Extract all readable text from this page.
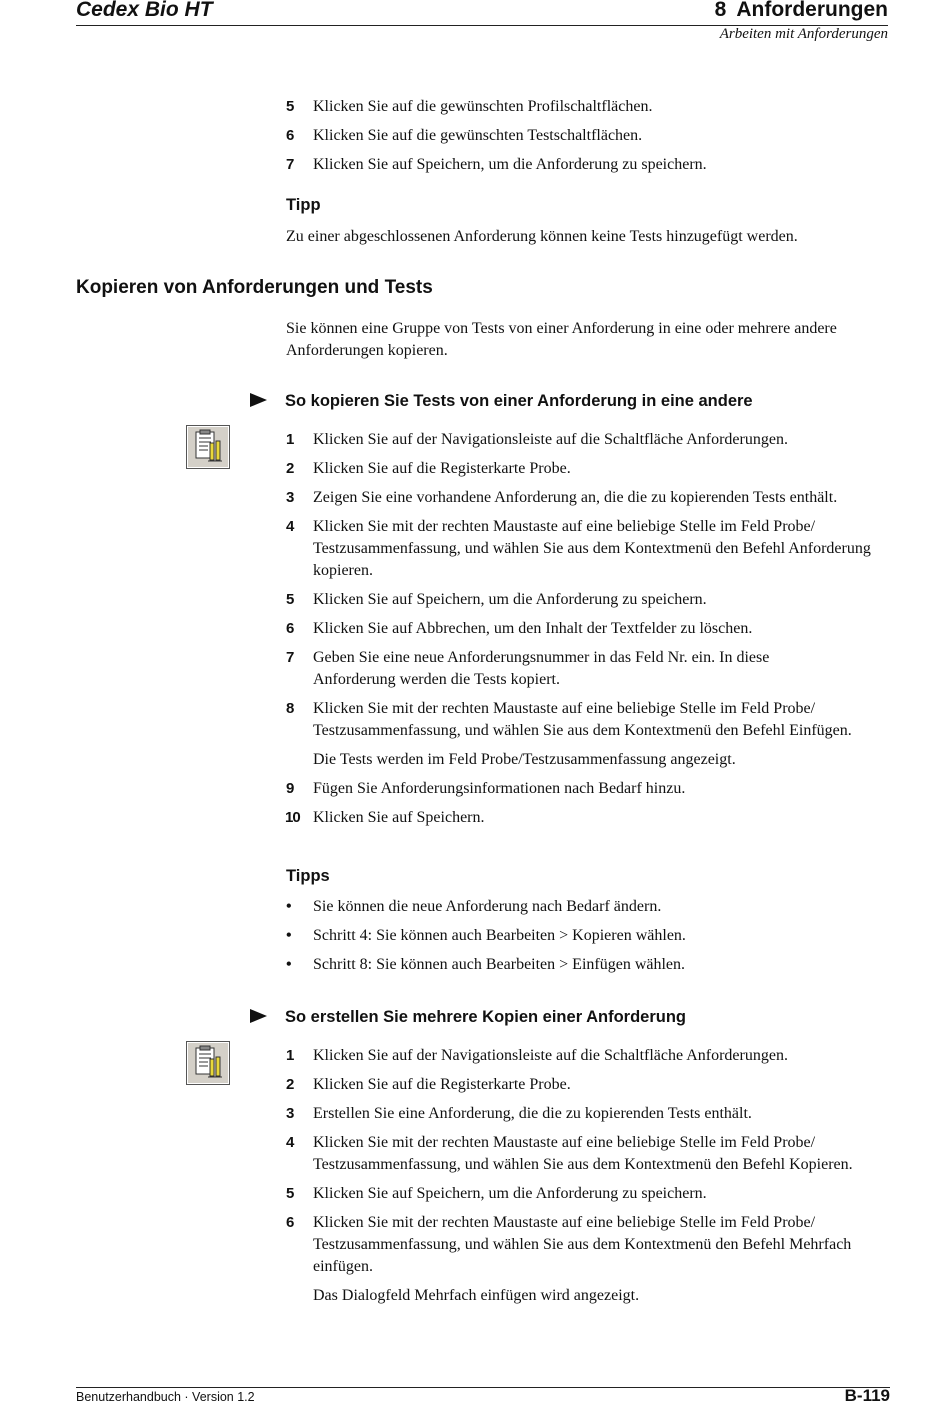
Cedex Bio HT	8 Anforderungen
Arbeiten mit Anforderungen
5 Klicken Sie auf die gewünschten Profilschaltflächen.
6 Klicken Sie auf die gewünschten Testschaltflächen.
7 Klicken Sie auf Speichern, um die Anforderung zu speichern.
Tipp
Zu einer abgeschlossenen Anforderung können keine Tests hinzugefügt werden.
Kopieren von Anforderungen und Tests
Sie können eine Gruppe von Tests von einer Anforderung in eine oder mehrere andere Anforderungen kopieren.
So kopieren Sie Tests von einer Anforderung in eine andere
1 Klicken Sie auf der Navigationsleiste auf die Schaltfläche Anforderungen.
2 Klicken Sie auf die Registerkarte Probe.
3 Zeigen Sie eine vorhandene Anforderung an, die die zu kopierenden Tests enthält.
4 Klicken Sie mit der rechten Maustaste auf eine beliebige Stelle im Feld Probe/ Testzusammenfassung, und wählen Sie aus dem Kontextmenü den Befehl Anforderung kopieren.
5 Klicken Sie auf Speichern, um die Anforderung zu speichern.
6 Klicken Sie auf Abbrechen, um den Inhalt der Textfelder zu löschen.
7 Geben Sie eine neue Anforderungsnummer in das Feld Nr. ein. In diese Anforderung werden die Tests kopiert.
8 Klicken Sie mit der rechten Maustaste auf eine beliebige Stelle im Feld Probe/ Testzusammenfassung, und wählen Sie aus dem Kontextmenü den Befehl Einfügen.
Die Tests werden im Feld Probe/Testzusammenfassung angezeigt.
9 Fügen Sie Anforderungsinformationen nach Bedarf hinzu.
10 Klicken Sie auf Speichern.
Tipps
• Sie können die neue Anforderung nach Bedarf ändern.
• Schritt 4: Sie können auch Bearbeiten > Kopieren wählen.
• Schritt 8: Sie können auch Bearbeiten > Einfügen wählen.
So erstellen Sie mehrere Kopien einer Anforderung
1 Klicken Sie auf der Navigationsleiste auf die Schaltfläche Anforderungen.
2 Klicken Sie auf die Registerkarte Probe.
3 Erstellen Sie eine Anforderung, die die zu kopierenden Tests enthält.
4 Klicken Sie mit der rechten Maustaste auf eine beliebige Stelle im Feld Probe/ Testzusammenfassung, und wählen Sie aus dem Kontextmenü den Befehl Kopieren.
5 Klicken Sie auf Speichern, um die Anforderung zu speichern.
6 Klicken Sie mit der rechten Maustaste auf eine beliebige Stelle im Feld Probe/ Testzusammenfassung, und wählen Sie aus dem Kontextmenü den Befehl Mehrfach einfügen.
Das Dialogfeld Mehrfach einfügen wird angezeigt.
Benutzerhandbuch · Version 1.2	B-119
